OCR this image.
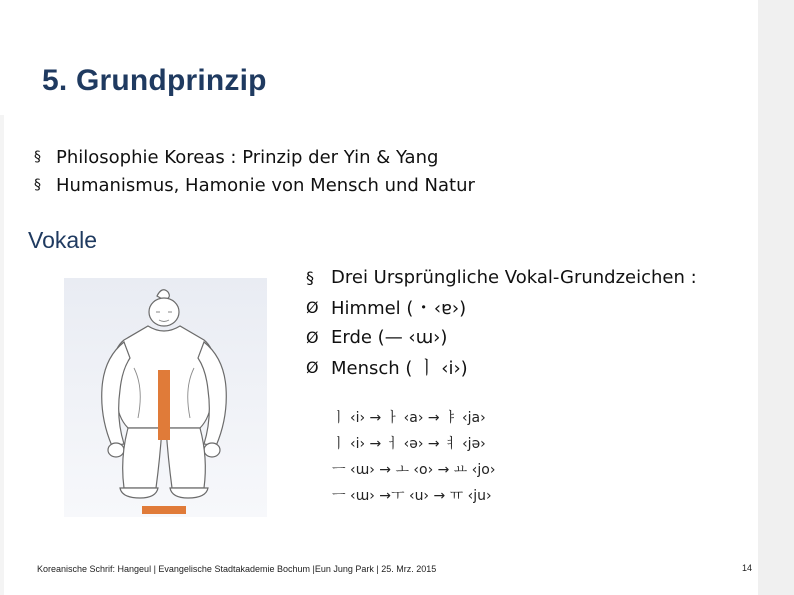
5. Grundprinzip
§ Philosophie Koreas : Prinzip der Yin & Yang
§ Humanismus, Hamonie von Mensch und Natur
Vokale
§ Drei Ursprüngliche Vokal-Grundzeichen :
Ø Himmel ( ･ ‹ɐ›)
Ø Erde (— ‹ɯ›)
Ø Mensch ( ㅣ ‹i›)
ㅣ ‹i› → ㅏ ‹a› → ㅑ ‹ja›
ㅣ ‹i› → ㅓ ‹ə› → ㅕ ‹jə›
ㅡ ‹ɯ› → ㅗ ‹o› → ㅛ ‹jo›
ㅡ ‹ɯ› →ㅜ ‹u› → ㅠ ‹ju›
Koreanische Schrif: Hangeul | Evangelische Stadtakademie Bochum |Eun Jung Park | 25. Mrz. 2015	14
